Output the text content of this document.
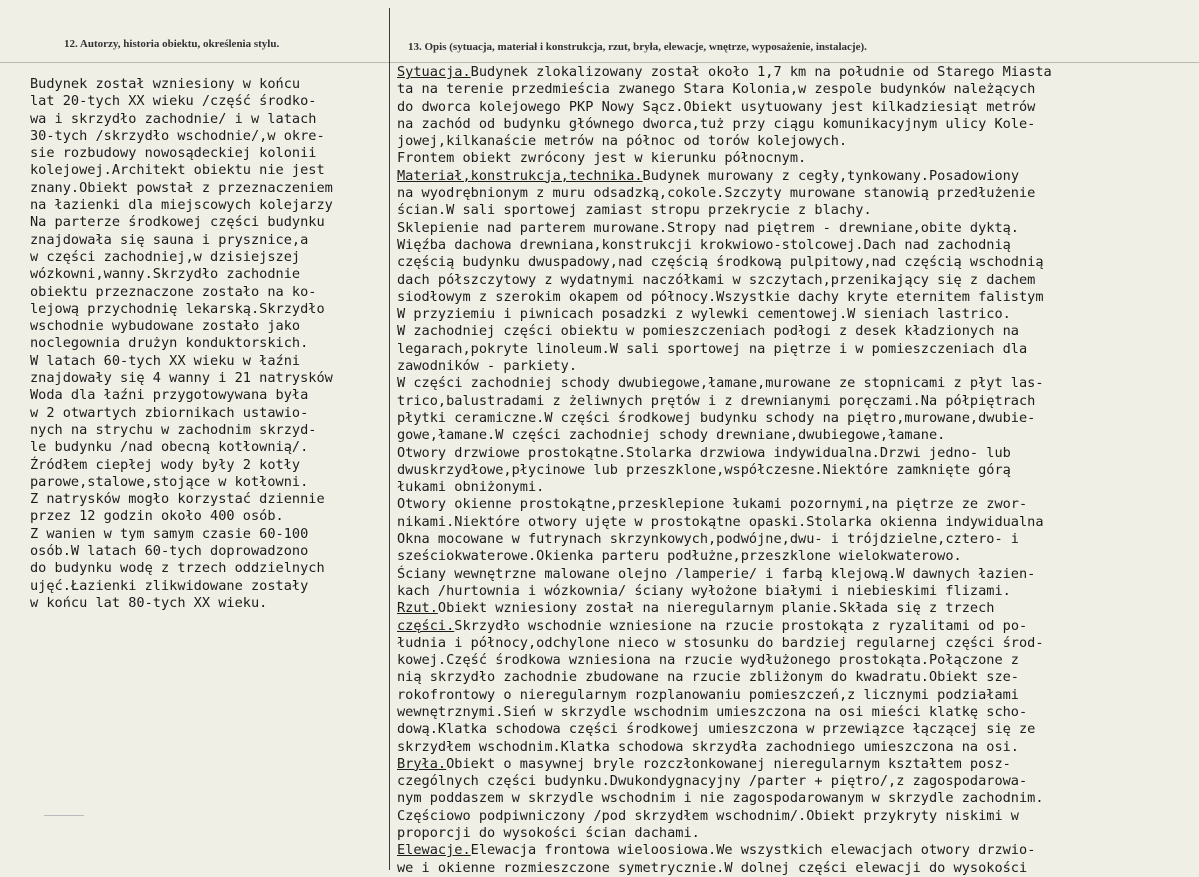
12. Autorzy, historia obiektu, określenia stylu.	13. Opis (sytuacja, materiał i konstrukcja, rzut, bryła, elewacje, wnętrze, wyposażenie, instalacje).
Budynek został wzniesiony w końcu
lat 20-tych XX wieku /część środko-
wa i skrzydło zachodnie/ i w latach
30-tych /skrzydło wschodnie/,w okre-
sie rozbudowy nowosądeckiej kolonii
kolejowej.Architekt obiektu nie jest
znany.Obiekt powstał z przeznaczeniem
na łazienki dla miejscowych kolejarzy
Na parterze środkowej części budynku
znajdowała się sauna i prysznice,a
w części zachodniej,w dzisiejszej
wózkowni,wanny.Skrzydło zachodnie
obiektu przeznaczone zostało na ko-
lejową przychodnię lekarską.Skrzydło
wschodnie wybudowane zostało jako
noclegownia drużyn konduktorskich.
W latach 60-tych XX wieku w łaźni
znajdowały się 4 wanny i 21 natrysków
Woda dla łaźni przygotowywana była
w 2 otwartych zbiornikach ustawio-
nych na strychu w zachodnim skrzyd-
le budynku /nad obecną kotłownią/.
Źródłem ciepłej wody były 2 kotły
parowe,stalowe,stojące w kotłowni.
Z natrysków mogło korzystać dziennie
przez 12 godzin około 400 osób.
Z wanien w tym samym czasie 60-100
osób.W latach 60-tych doprowadzono
do budynku wodę z trzech oddzielnych
ujęć.Łazienki zlikwidowane zostały
w końcu lat 80-tych XX wieku.
Sytuacja.Budynek zlokalizowany został około 1,7 km na południe od Starego Miasta
ta na terenie przedmieścia zwanego Stara Kolonia,w zespole budynków należących
do dworca kolejowego PKP Nowy Sącz.Obiekt usytuowany jest kilkadziesiąt metrów
na zachód od budynku głównego dworca,tuż przy ciągu komunikacyjnym ulicy Kole-
jowej,kilkanaście metrów na północ od torów kolejowych.
Frontem obiekt zwrócony jest w kierunku północnym.
Materiał,konstrukcja,technika.Budynek murowany z cegły,tynkowany.Posadowiony
na wyodrębnionym z muru odsadzką,cokole.Szczyty murowane stanowią przedłużenie
ścian.W sali sportowej zamiast stropu przekrycie z blachy.
Sklepienie nad parterem murowane.Stropy nad piętrem - drewniane,obite dyktą.
Więźba dachowa drewniana,konstrukcji krokwiowo-stolcowej.Dach nad zachodnią
częścią budynku dwuspadowy,nad częścią środkową pulpitowy,nad częścią wschodnią
dach półszczytowy z wydatnymi naczółkami w szczytach,przenikający się z dachem
siodłowym z szerokim okapem od północy.Wszystkie dachy kryte eternitem falistym
W przyziemiu i piwnicach posadzki z wylewki cementowej.W sieniach lastrico.
W zachodniej części obiektu w pomieszczeniach podłogi z desek kładzionych na
legarach,pokryte linoleum.W sali sportowej na piętrze i w pomieszczeniach dla
zawodników - parkiety.
W części zachodniej schody dwubiegowe,łamane,murowane ze stopnicami z płyt las-
trico,balustradami z żeliwnych prętów i z drewnianymi poręczami.Na półpiętrach
płytki ceramiczne.W części środkowej budynku schody na piętro,murowane,dwubie-
gowe,łamane.W części zachodniej schody drewniane,dwubiegowe,łamane.
Otwory drzwiowe prostokątne.Stolarka drzwiowa indywidualna.Drzwi jedno- lub
dwuskrzydłowe,płycinowe lub przeszklone,współczesne.Niektóre zamknięte górą
łukami obniżonymi.
Otwory okienne prostokątne,przesklepione łukami pozornymi,na piętrze ze zwor-
nikami.Niektóre otwory ujęte w prostokątne opaski.Stolarka okienna indywidualna
Okna mocowane w futrynach skrzynkowych,podwójne,dwu- i trójdzielne,cztero- i
sześciokwaterowe.Okienka parteru podłużne,przeszklone wielokwaterowo.
Ściany wewnętrzne malowane olejno /lamperie/ i farbą klejową.W dawnych łazien-
kach /hurtownia i wózkownia/ ściany wyłożone białymi i niebieskimi flizami.
Rzut.Obiekt wzniesiony został na nieregularnym planie.Składa się z trzech
części.Skrzydło wschodnie wzniesione na rzucie prostokąta z ryzalitami od po-
łudnia i północy,odchylone nieco w stosunku do bardziej regularnej części środ-
kowej.Część środkowa wzniesiona na rzucie wydłużonego prostokąta.Połączone z
nią skrzydło zachodnie zbudowane na rzucie zbliżonym do kwadratu.Obiekt sze-
rokofrontowy o nieregularnym rozplanowaniu pomieszczeń,z licznymi podziałami
wewnętrznymi.Sień w skrzydle wschodnim umieszczona na osi mieści klatkę scho-
dową.Klatka schodowa części środkowej umieszczona w przewiązce łączącej się ze
skrzydłem wschodnim.Klatka schodowa skrzydła zachodniego umieszczona na osi.
Bryła.Obiekt o masywnej bryle rozczłonkowanej nieregularnym kształtem posz-
czególnych części budynku.Dwukondygnacyjny /parter + piętro/,z zagospodarowa-
nym poddaszem w skrzydle wschodnim i nie zagospodarowanym w skrzydle zachodnim.
Częściowo podpiwniczony /pod skrzydłem wschodnim/.Obiekt przykryty niskimi w
proporcji do wysokości ścian dachami.
Elewacje.Elewacja frontowa wieloosiowa.We wszystkich elewacjach otwory drzwio-
we i okienne rozmieszczone symetrycznie.W dolnej części elewacji do wysokości
